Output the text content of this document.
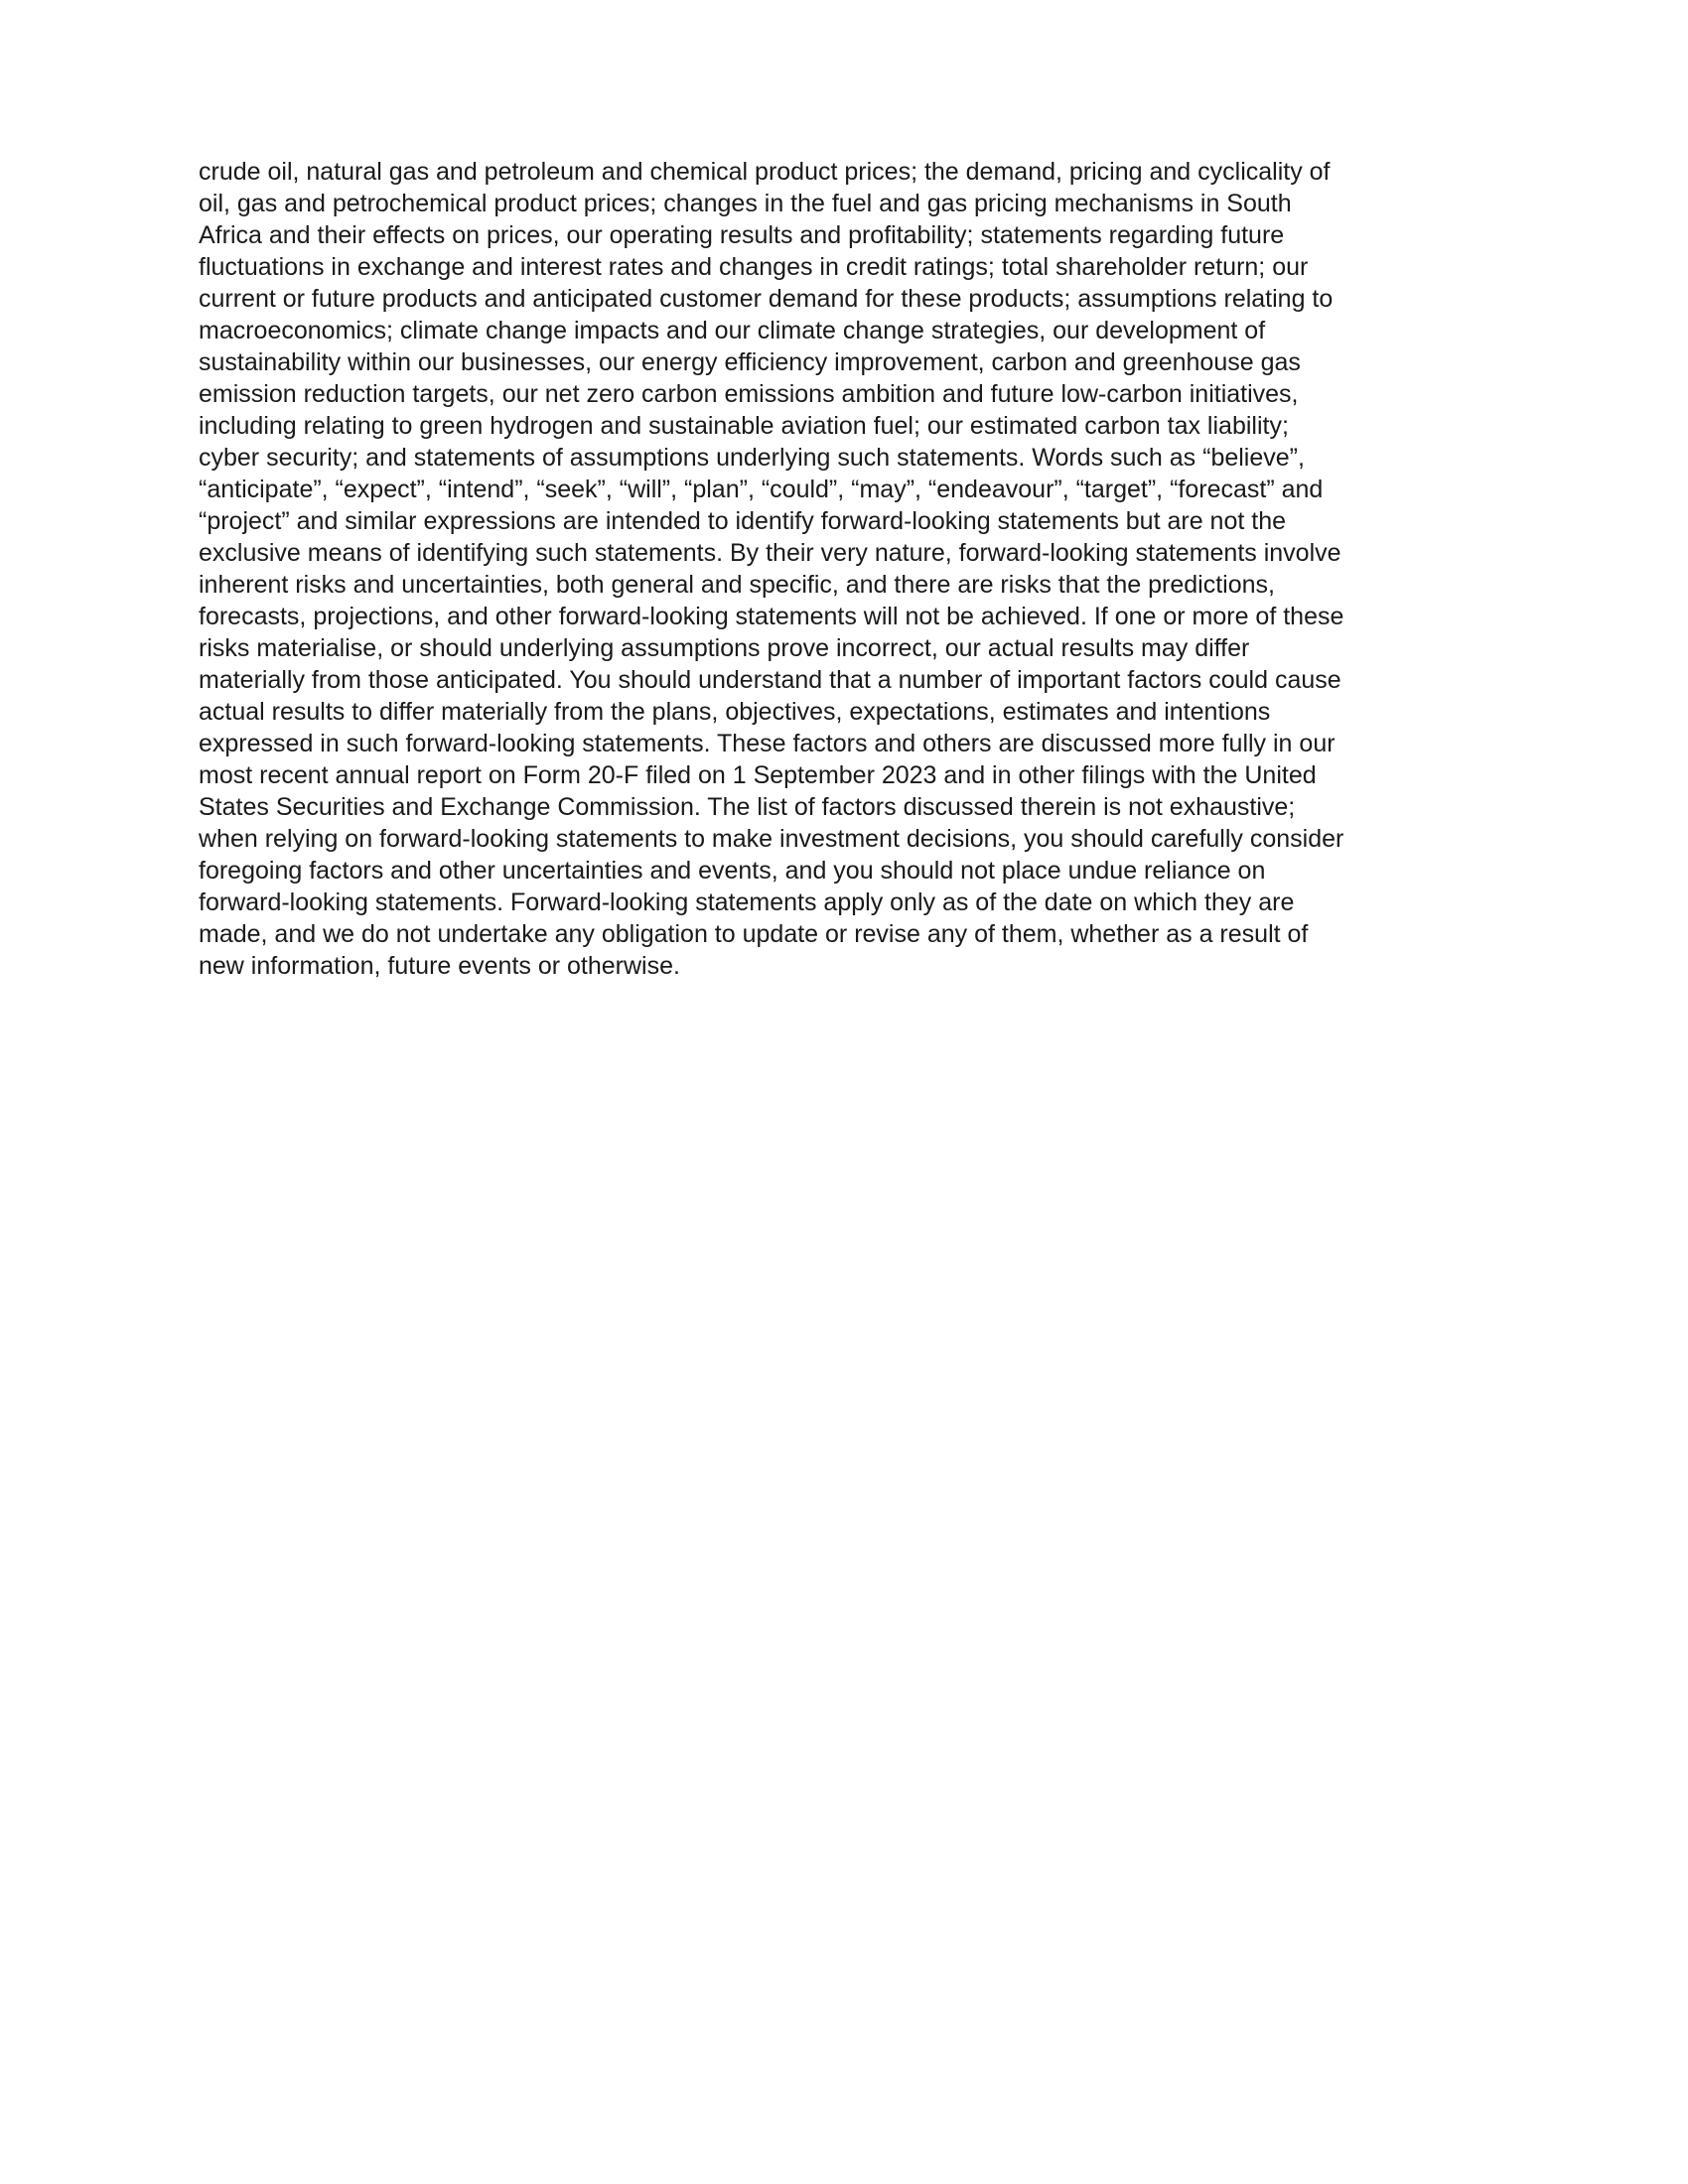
crude oil, natural gas and petroleum and chemical product prices; the demand, pricing and cyclicality of
oil, gas and petrochemical product prices; changes in the fuel and gas pricing mechanisms in South
Africa and their effects on prices, our operating results and profitability; statements regarding future
fluctuations in exchange and interest rates and changes in credit ratings; total shareholder return; our
current or future products and anticipated customer demand for these products; assumptions relating to
macroeconomics; climate change impacts and our climate change strategies, our development of
sustainability within our businesses, our energy efficiency improvement, carbon and greenhouse gas
emission reduction targets, our net zero carbon emissions ambition and future low-carbon initiatives,
including relating to green hydrogen and sustainable aviation fuel; our estimated carbon tax liability;
cyber security; and statements of assumptions underlying such statements. Words such as “believe”,
“anticipate”, “expect”, “intend”, “seek”, “will”, “plan”, “could”, “may”, “endeavour”, “target”, “forecast” and
“project” and similar expressions are intended to identify forward-looking statements but are not the
exclusive means of identifying such statements. By their very nature, forward-looking statements involve
inherent risks and uncertainties, both general and specific, and there are risks that the predictions,
forecasts, projections, and other forward-looking statements will not be achieved. If one or more of these
risks materialise, or should underlying assumptions prove incorrect, our actual results may differ
materially from those anticipated. You should understand that a number of important factors could cause
actual results to differ materially from the plans, objectives, expectations, estimates and intentions
expressed in such forward-looking statements. These factors and others are discussed more fully in our
most recent annual report on Form 20-F filed on 1 September 2023 and in other filings with the United
States Securities and Exchange Commission. The list of factors discussed therein is not exhaustive;
when relying on forward-looking statements to make investment decisions, you should carefully consider
foregoing factors and other uncertainties and events, and you should not place undue reliance on
forward-looking statements. Forward-looking statements apply only as of the date on which they are
made, and we do not undertake any obligation to update or revise any of them, whether as a result of
new information, future events or otherwise.
